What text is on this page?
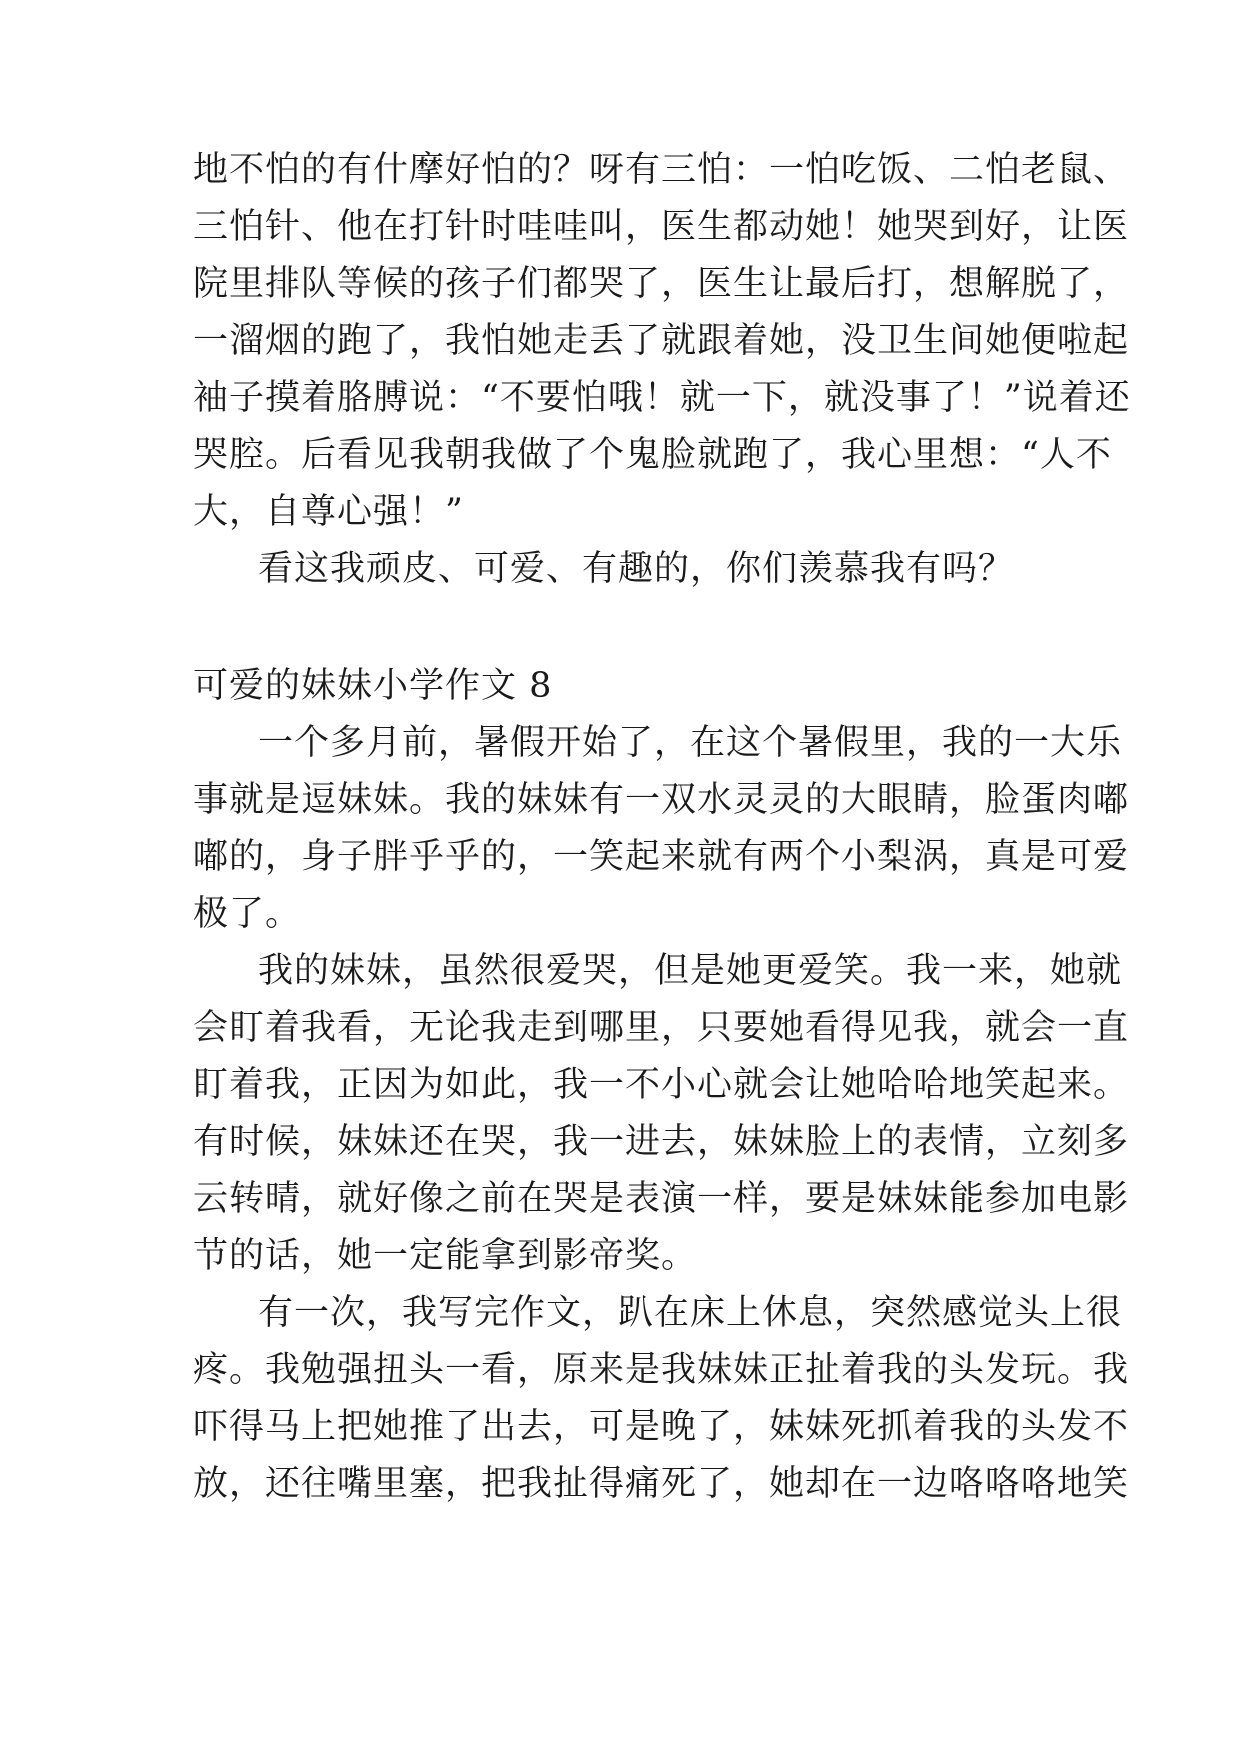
地不怕的有什摩好怕的？呀有三怕：一怕吃饭、二怕老鼠、
三怕针、他在打针时哇哇叫，医生都动她！她哭到好，让医
院里排队等候的孩子们都哭了，医生让最后打，想解脱了，
一溜烟的跑了，我怕她走丢了就跟着她，没卫生间她便啦起
袖子摸着胳膊说：“不要怕哦！就一下，就没事了！”说着还
哭腔。后看见我朝我做了个鬼脸就跑了，我心里想：“人不
大，自尊心强！”
看这我顽皮、可爱、有趣的，你们羡慕我有吗？
可爱的妹妹小学作文 8
一个多月前，暑假开始了，在这个暑假里，我的一大乐
事就是逗妹妹。我的妹妹有一双水灵灵的大眼睛，脸蛋肉嘟
嘟的，身子胖乎乎的，一笑起来就有两个小梨涡，真是可爱
极了。
我的妹妹，虽然很爱哭，但是她更爱笑。我一来，她就
会盯着我看，无论我走到哪里，只要她看得见我，就会一直
盯着我，正因为如此，我一不小心就会让她哈哈地笑起来。
有时候，妹妹还在哭，我一进去，妹妹脸上的表情，立刻多
云转晴，就好像之前在哭是表演一样，要是妹妹能参加电影
节的话，她一定能拿到影帝奖。
有一次，我写完作文，趴在床上休息，突然感觉头上很
疼。我勉强扭头一看，原来是我妹妹正扯着我的头发玩。我
吓得马上把她推了出去，可是晚了，妹妹死抓着我的头发不
放，还往嘴里塞，把我扯得痛死了，她却在一边咯咯咯地笑
